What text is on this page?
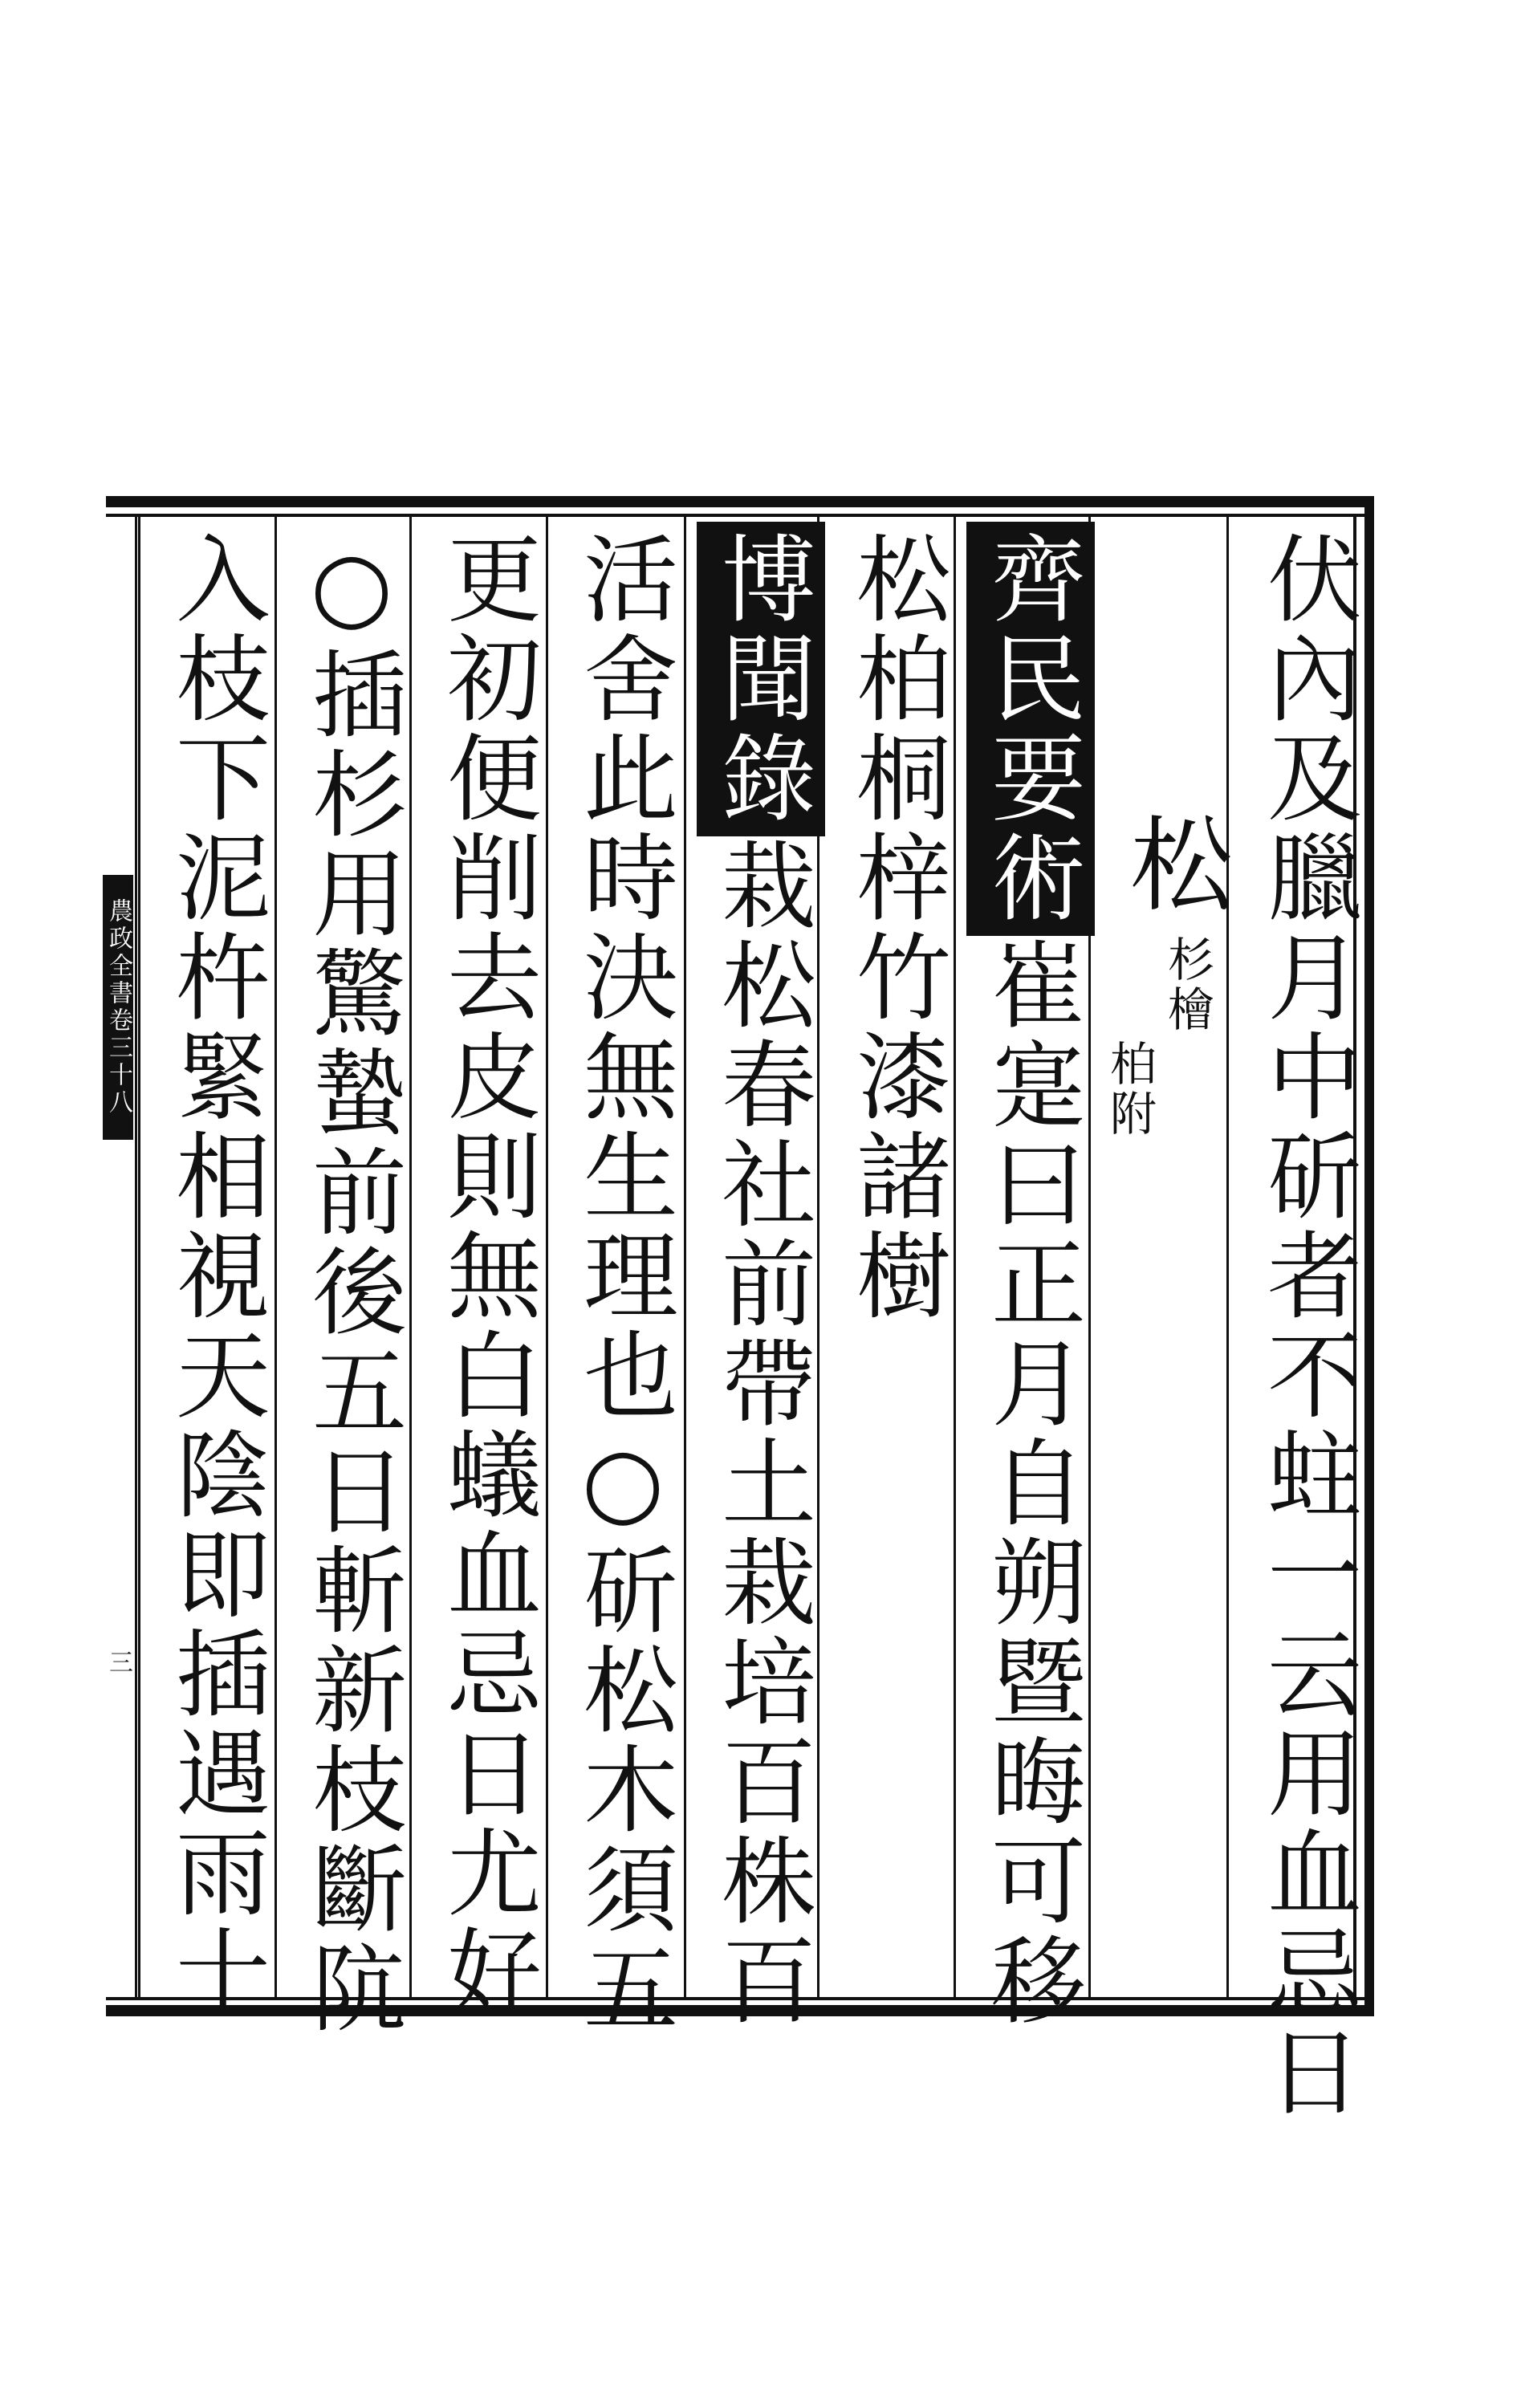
農政全書卷三十八
三	伏內及臘月中斫者不蛀一云用血忌日
松
杉檜
柏附
齊民要術崔寔曰正月自朔暨晦可移
松柏桐梓竹漆諸樹
博聞錄栽松春社前帶土栽培百株百
活舍此時決無生理也○斫松木須五
更初便削去皮則無白蟻血忌日尤好
○插杉用驚蟄前後五日斬新枝斷阬
入枝下泥杵緊相視天陰即插遇雨十
